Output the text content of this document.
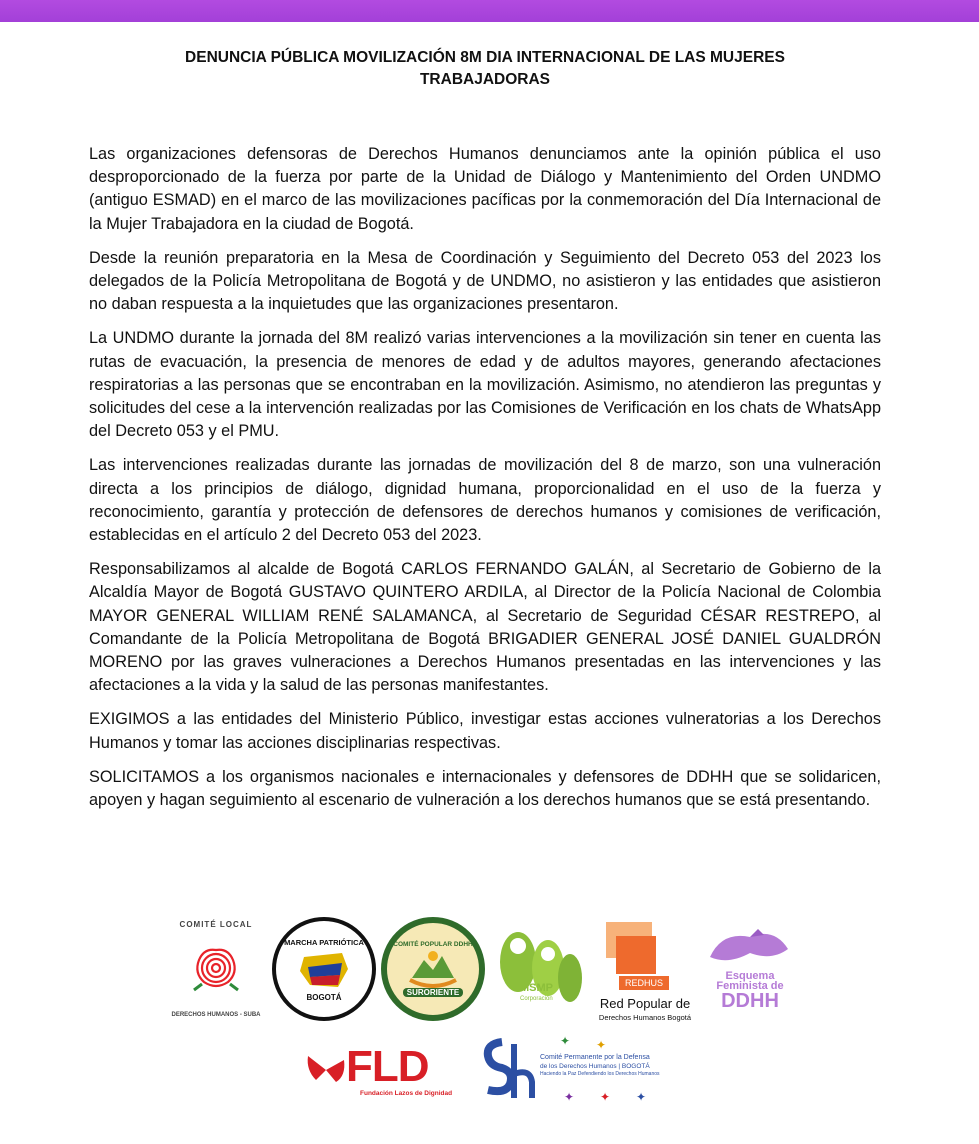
DENUNCIA PÚBLICA MOVILIZACIÓN 8M DIA INTERNACIONAL DE LAS MUJERES
TRABAJADORAS

Las organizaciones defensoras de Derechos Humanos denunciamos ante la opinión pública el uso desproporcionado de la fuerza por parte de la Unidad de Diálogo y Mantenimiento del Orden UNDMO (antiguo ESMAD) en el marco de las movilizaciones pacíficas por la conmemoración del Día Internacional de la Mujer Trabajadora en la ciudad de Bogotá.

Desde la reunión preparatoria en la Mesa de Coordinación y Seguimiento del Decreto 053 del 2023 los delegados de la Policía Metropolitana de Bogotá y de UNDMO, no asistieron y las entidades que asistieron no daban respuesta a la inquietudes que las organizaciones presentaron.

La UNDMO durante la jornada del 8M realizó varias intervenciones a la movilización sin tener en cuenta las rutas de evacuación, la presencia de menores de edad y de adultos mayores, generando afectaciones respiratorias a las personas que se encontraban en la movilización. Asimismo, no atendieron las preguntas y solicitudes del cese a la intervención realizadas por las Comisiones de Verificación en los chats de WhatsApp del Decreto 053 y el PMU.

Las intervenciones realizadas durante las jornadas de movilización del 8 de marzo, son una vulneración directa a los principios de diálogo, dignidad humana, proporcionalidad en el uso de la fuerza y reconocimiento, garantía y protección de defensores de derechos humanos y comisiones de verificación, establecidas en el artículo 2 del Decreto 053 del 2023.

Responsabilizamos al alcalde de Bogotá CARLOS FERNANDO GALÁN, al Secretario de Gobierno de la Alcaldía Mayor de Bogotá GUSTAVO QUINTERO ARDILA, al Director de la Policía Nacional de Colombia MAYOR GENERAL WILLIAM RENÉ SALAMANCA, al Secretario de Seguridad CÉSAR RESTREPO, al Comandante de la Policía Metropolitana de Bogotá BRIGADIER GENERAL JOSÉ DANIEL GUALDRÓN MORENO por las graves vulneraciones a Derechos Humanos presentadas en las intervenciones y las afectaciones a la vida y la salud de las personas manifestantes.

EXIGIMOS a las entidades del Ministerio Público, investigar estas acciones vulneratorias a los Derechos Humanos y tomar las acciones disciplinarias respectivas.

SOLICITAMOS a los organismos nacionales e internacionales y defensores de DDHH que se solidaricen, apoyen y hagan seguimiento al escenario de vulneración a los derechos humanos que se está presentando.

COMITÉ LOCAL
DERECHOS HUMANOS - SUBA
MARCHA PATRIÓTICA
BOGOTÁ
COMITÉ POPULAR DDHH
SURORIENTE	MSMP
Corporación
REDHUS
Red Popular de
Derechos Humanos Bogotá
Esquema
Feminista de
DDHH
FLD
Fundación Lazos de Dignidad
Comité Permanente por la Defensa
de los Derechos Humanos | BOGOTÁ
Haciendo la Paz Defendiendo los Derechos Humanos
✦ ✦
✦ ✦ ✦
